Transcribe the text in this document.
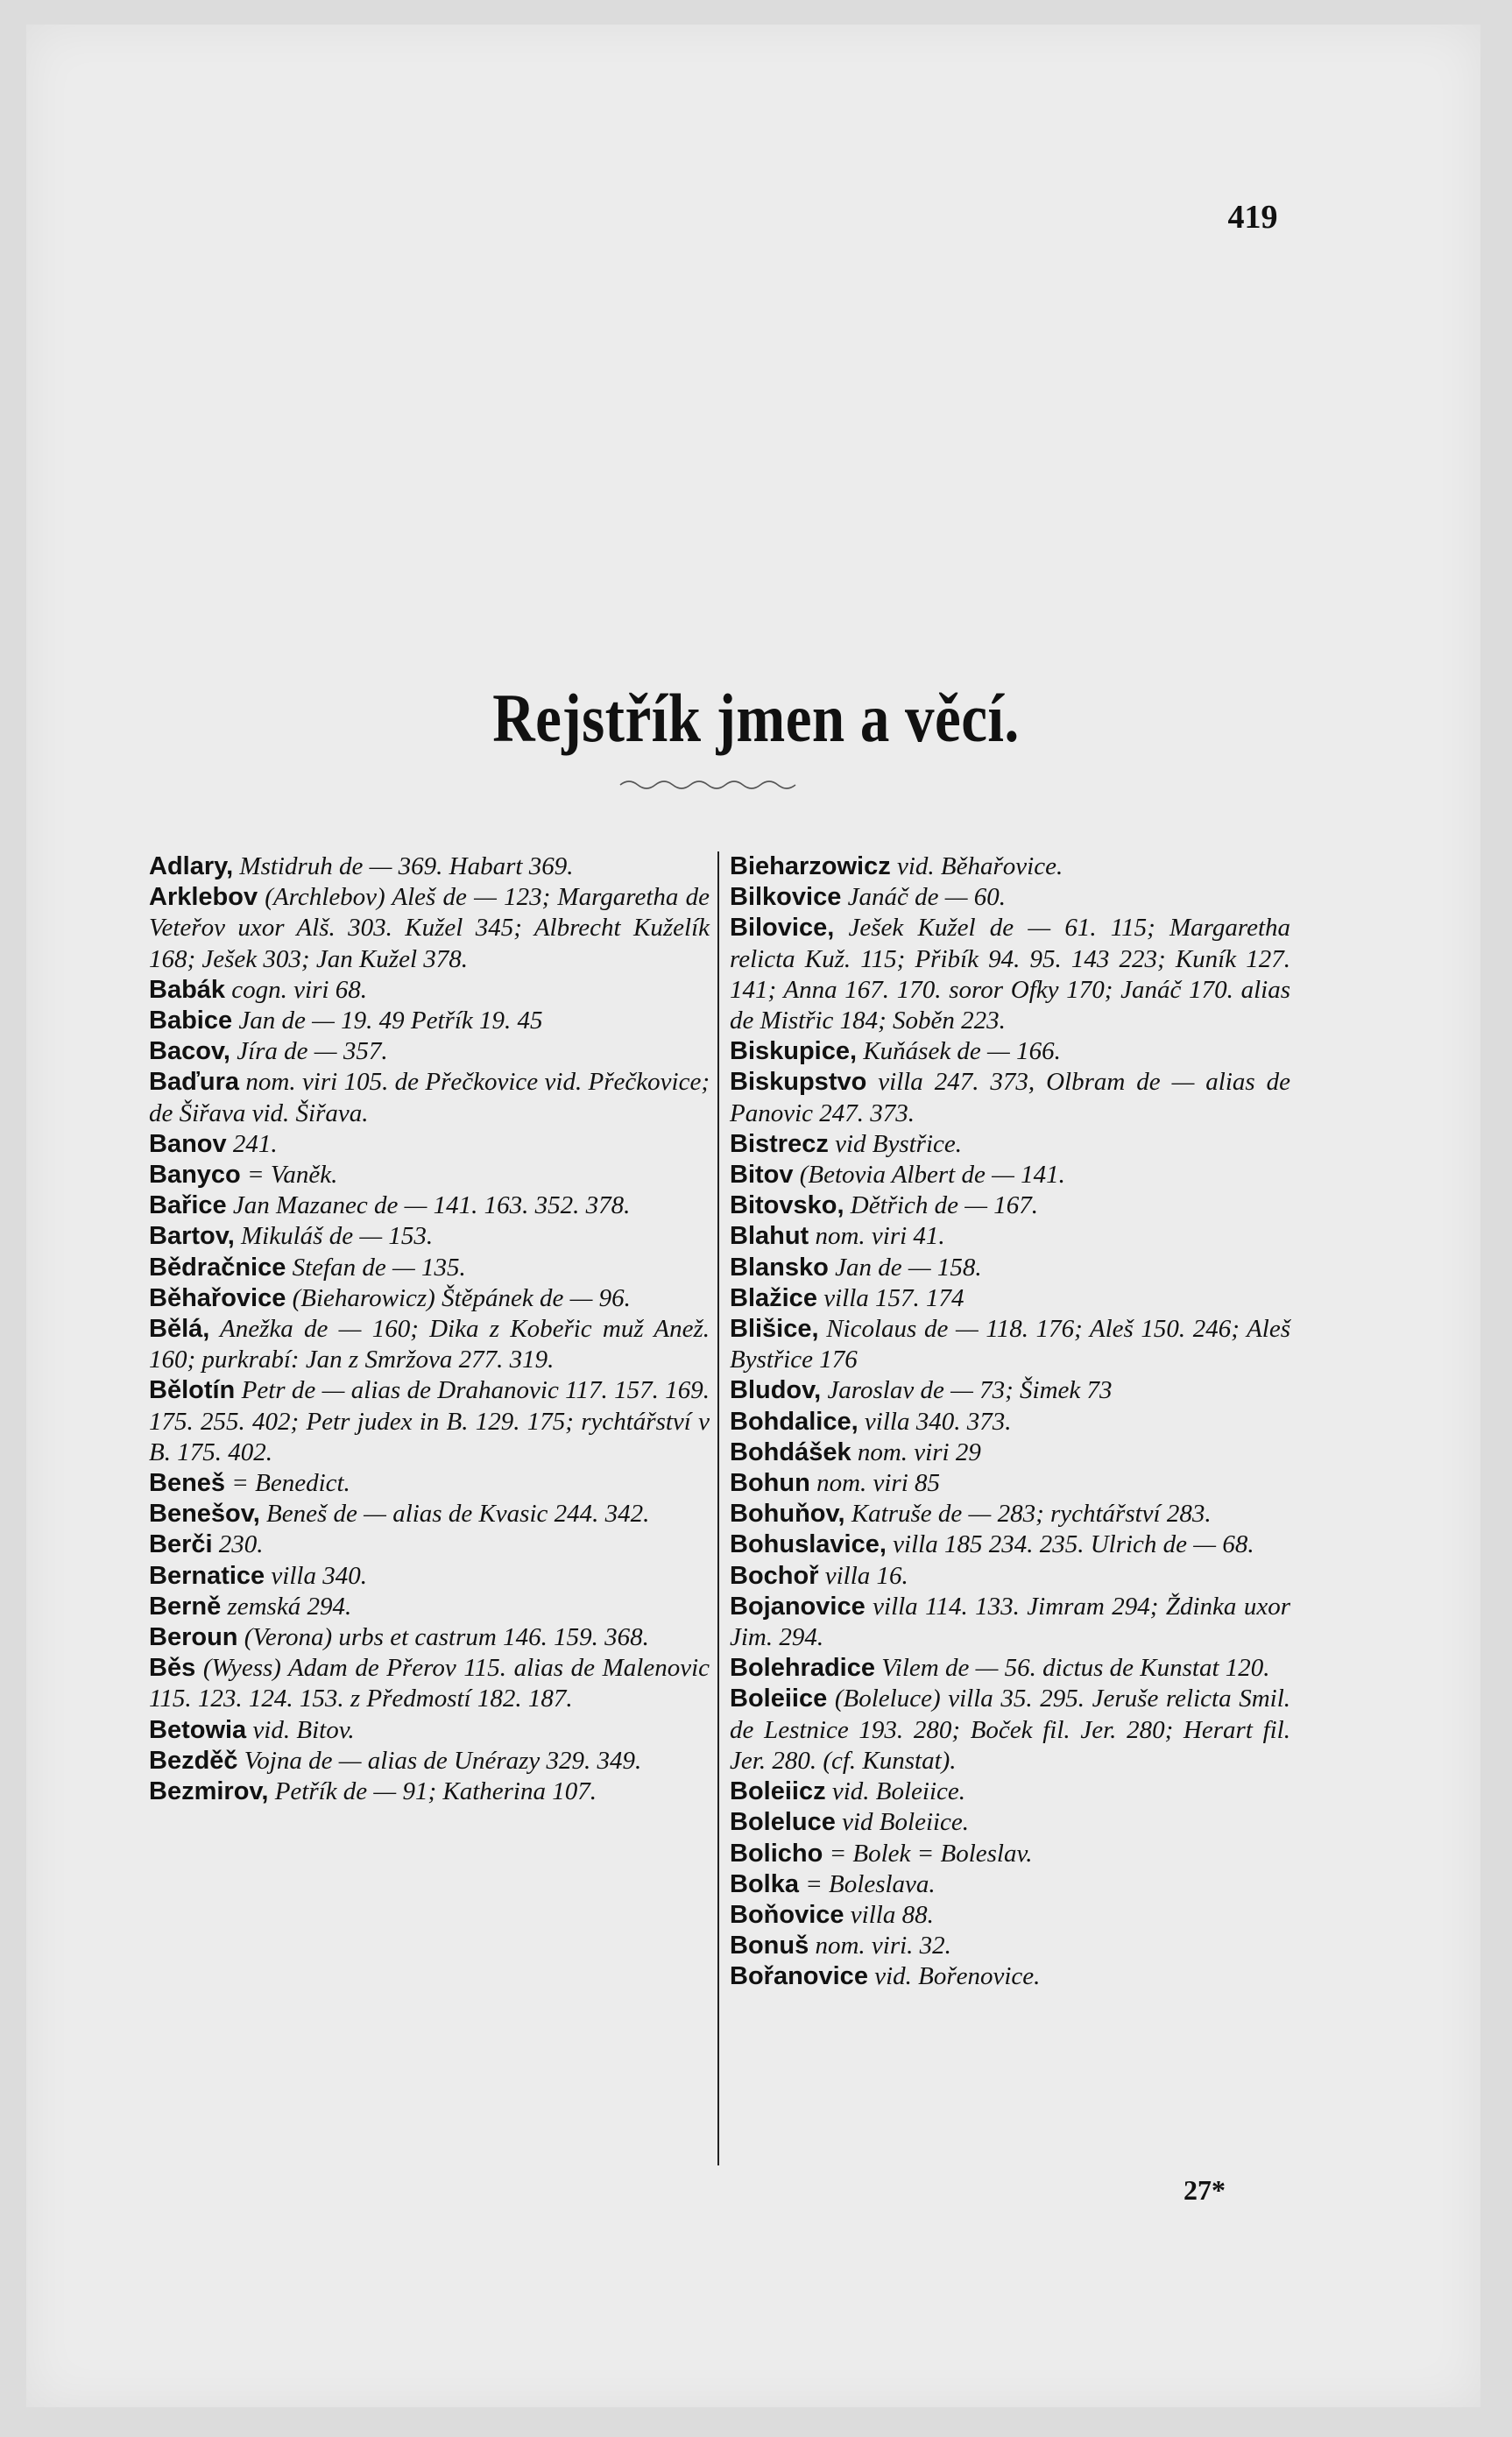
419
Rejstřík jmen a věcí.

Adlary, Mstidruh de — 369. Habart 369.

Arklebov (Archlebov) Aleš de — 123; Margaretha de Veteřov uxor Alš. 303. Kužel 345; Albrecht Kuželík 168; Ješek 303; Jan Kužel 378.

Babák cogn. viri 68.

Babice Jan de — 19. 49 Petřík 19. 45

Bacov, Jíra de — 357.

Baďura nom. viri 105. de Přečkovice vid. Přečkovice; de Šiřava vid. Šiřava.

Banov 241.

Banyco = Vaněk.

Bařice Jan Mazanec de — 141. 163. 352. 378.

Bartov, Mikuláš de — 153.

Bědračnice Stefan de — 135.

Běhařovice (Bieharowicz) Štěpánek de — 96.

Bělá, Anežka de — 160; Dika z Kobeřic muž Anež. 160; purkrabí: Jan z Smržova 277. 319.

Bělotín Petr de — alias de Drahanovic 117. 157. 169. 175. 255. 402; Petr judex in B. 129. 175; rychtářství v B. 175. 402.

Beneš = Benedict.

Benešov, Beneš de — alias de Kvasic 244. 342.

Berči 230.

Bernatice villa 340.

Berně zemská 294.

Beroun (Verona) urbs et castrum 146. 159. 368.

Běs (Wyess) Adam de Přerov 115. alias de Malenovic 115. 123. 124. 153. z Předmostí 182. 187.

Betowia vid. Bitov.

Bezděč Vojna de — alias de Unérazy 329. 349.

Bezmirov, Petřík de — 91; Katherina 107.

Bieharzowicz vid. Běhařovice.

Bilkovice Janáč de — 60.

Bilovice, Ješek Kužel de — 61. 115; Margaretha relicta Kuž. 115; Přibík 94. 95. 143 223; Kuník 127. 141; Anna 167. 170. soror Ofky 170; Janáč 170. alias de Mistřic 184; Soběn 223.

Biskupice, Kuňásek de — 166.

Biskupstvo villa 247. 373, Olbram de — alias de Panovic 247. 373.

Bistrecz vid Bystřice.

Bitov (Betovia Albert de — 141.

Bitovsko, Dětřich de — 167.

Blahut nom. viri 41.

Blansko Jan de — 158.

Blažice villa 157. 174

Blišice, Nicolaus de — 118. 176; Aleš 150. 246; Aleš Bystřice 176

Bludov, Jaroslav de — 73; Šimek 73

Bohdalice, villa 340. 373.

Bohdášek nom. viri 29

Bohun nom. viri 85

Bohuňov, Katruše de — 283; rychtářství 283.

Bohuslavice, villa 185 234. 235. Ulrich de — 68.

Bochoř villa 16.

Bojanovice villa 114. 133. Jimram 294; Ždinka uxor Jim. 294.

Bolehradice Vilem de — 56. dictus de Kunstat 120.

Boleiice (Boleluce) villa 35. 295. Jeruše relicta Smil. de Lestnice 193. 280; Boček fil. Jer. 280; Herart fil. Jer. 280. (cf. Kunstat).

Boleiicz vid. Boleiice.

Boleluce vid Boleiice.

Bolicho = Bolek = Boleslav.

Bolka = Boleslava.

Boňovice villa 88.

Bonuš nom. viri. 32.

Bořanovice vid. Bořenovice.

27*
